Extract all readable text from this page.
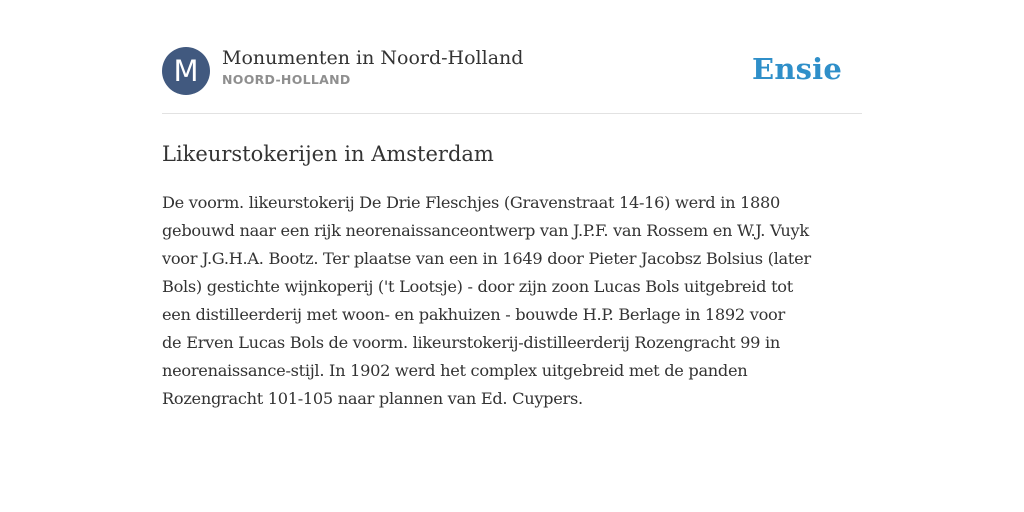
M	Monumenten in Noord-Holland
NOORD-HOLLAND	Ensie
Likeurstokerijen in Amsterdam
De voorm. likeurstokerij De Drie Fleschjes (Gravenstraat 14-16) werd in 1880
gebouwd naar een rijk neorenaissanceontwerp van J.P.F. van Rossem en W.J. Vuyk
voor J.G.H.A. Bootz. Ter plaatse van een in 1649 door Pieter Jacobsz Bolsius (later
Bols) gestichte wijnkoperij ('t Lootsje) - door zijn zoon Lucas Bols uitgebreid tot
een distilleerderij met woon- en pakhuizen - bouwde H.P. Berlage in 1892 voor
de Erven Lucas Bols de voorm. likeurstokerij-distilleerderij Rozengracht 99 in
neorenaissance-stijl. In 1902 werd het complex uitgebreid met de panden
Rozengracht 101-105 naar plannen van Ed. Cuypers.
